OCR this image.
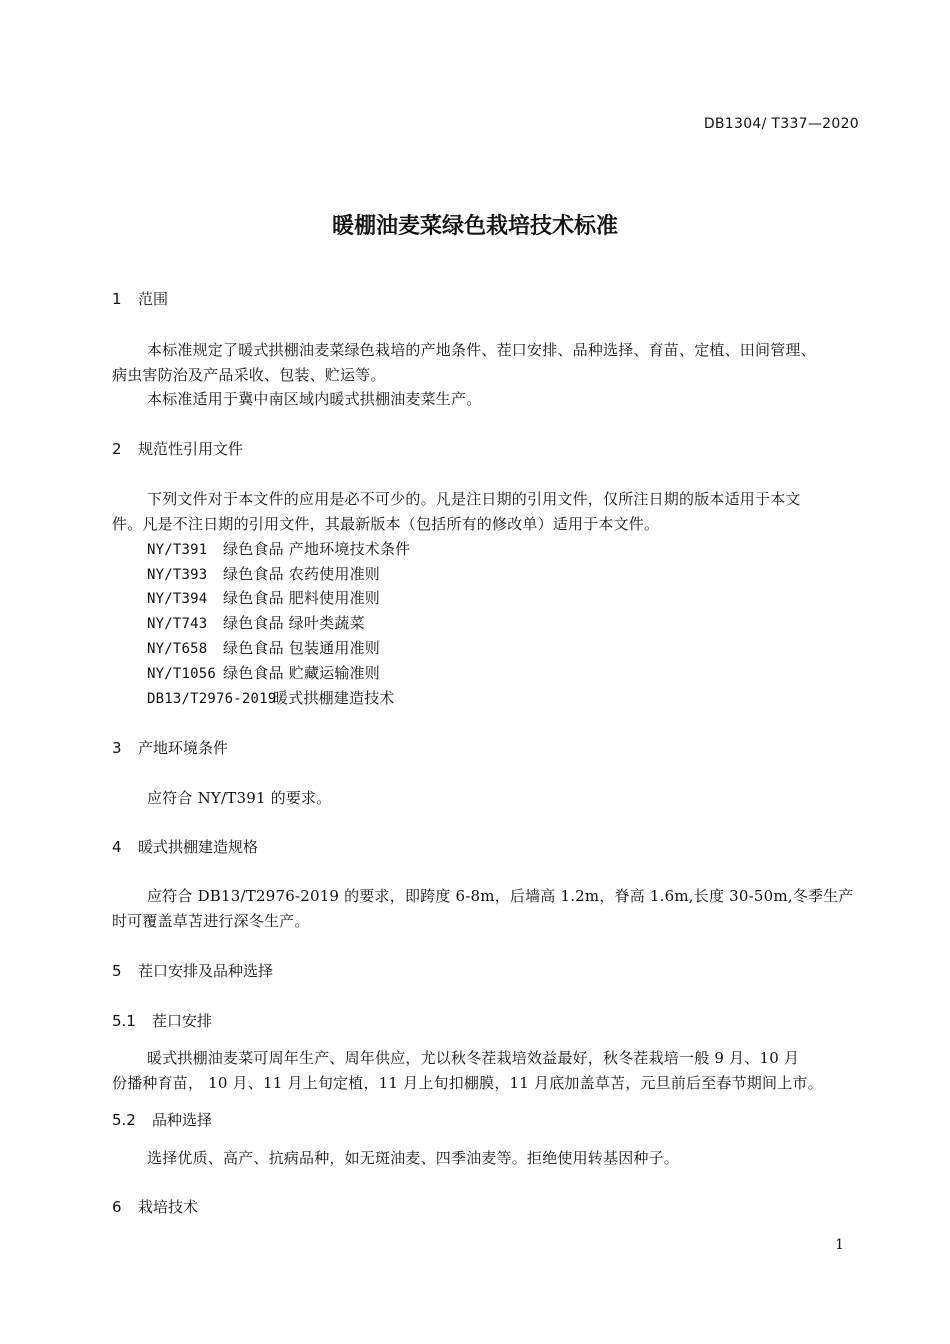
DB1304/ T337—2020
暖棚油麦菜绿色栽培技术标准
1 范围
本标准规定了暖式拱棚油麦菜绿色栽培的产地条件、茬口安排、品种选择、育苗、定植、田间管理、
病虫害防治及产品采收、包装、贮运等。
本标准适用于冀中南区域内暖式拱棚油麦菜生产。
2 规范性引用文件
下列文件对于本文件的应用是必不可少的。凡是注日期的引用文件，仅所注日期的版本适用于本文
件。凡是不注日期的引用文件，其最新版本（包括所有的修改单）适用于本文件。
NY/T391 绿色食品 产地环境技术条件
NY/T393 绿色食品 农药使用准则
NY/T394 绿色食品 肥料使用准则
NY/T743 绿色食品 绿叶类蔬菜
NY/T658 绿色食品 包装通用准则
NY/T1056 绿色食品 贮藏运输准则
DB13/T2976-2019暖式拱棚建造技术
3 产地环境条件
应符合 NY/T391 的要求。
4 暖式拱棚建造规格
应符合 DB13/T2976-2019 的要求，即跨度 6-8m，后墙高 1.2m，脊高 1.6m,长度 30-50m,冬季生产
时可覆盖草苫进行深冬生产。
5 茬口安排及品种选择
5.1 茬口安排
暖式拱棚油麦菜可周年生产、周年供应，尤以秋冬茬栽培效益最好，秋冬茬栽培一般 9 月、10 月
份播种育苗， 10 月、11 月上旬定植，11 月上旬扣棚膜，11 月底加盖草苫，元旦前后至春节期间上市。
5.2 品种选择
选择优质、高产、抗病品种，如无斑油麦、四季油麦等。拒绝使用转基因种子。
6 栽培技术
1
